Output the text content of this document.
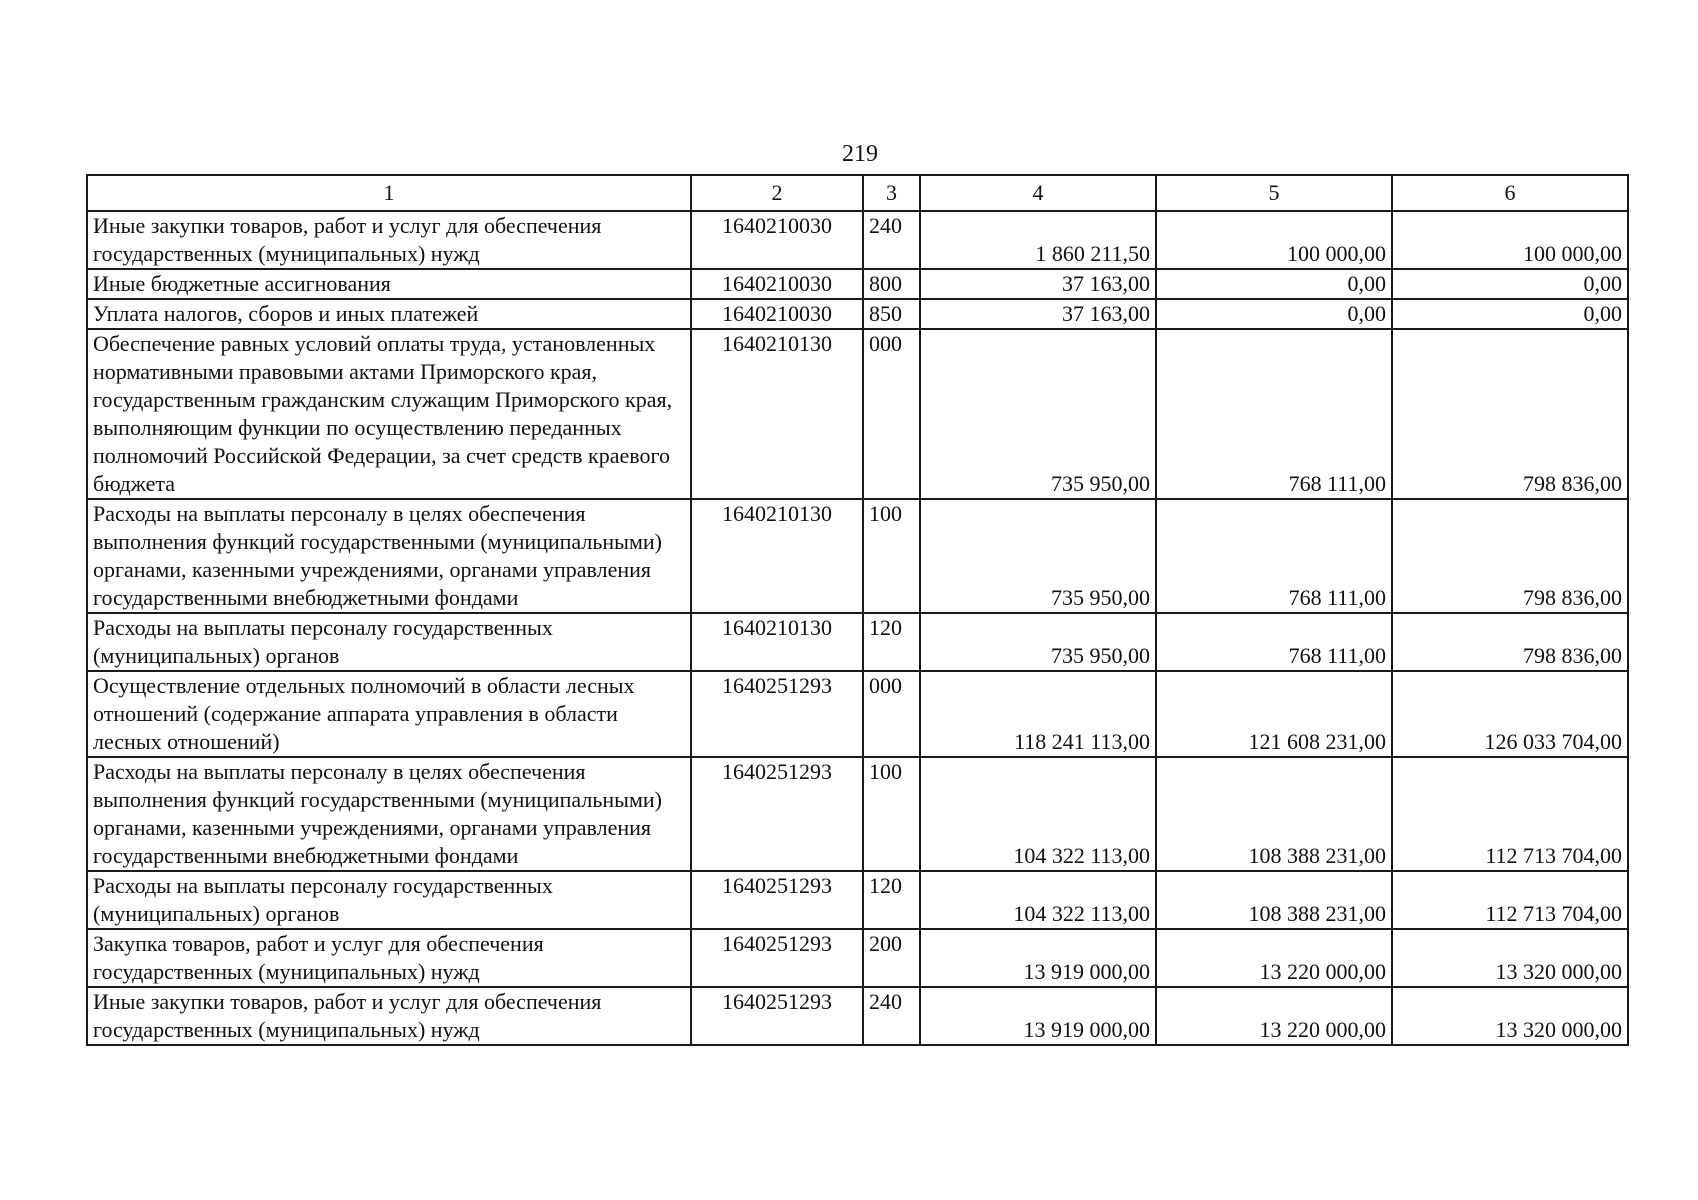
219
1	2	3	4	5	6
Иные закупки товаров, работ и услуг для обеспечения государственных (муниципальных) нужд	1640210030	240	1 860 211,50	100 000,00	100 000,00
Иные бюджетные ассигнования	1640210030	800	37 163,00	0,00	0,00
Уплата налогов, сборов и иных платежей	1640210030	850	37 163,00	0,00	0,00
Обеспечение равных условий оплаты труда, установленных нормативными правовыми актами Приморского края, государственным гражданским служащим Приморского края, выполняющим функции по осуществлению переданных полномочий Российской Федерации, за счет средств краевого бюджета	1640210130	000	735 950,00	768 111,00	798 836,00
Расходы на выплаты персоналу в целях обеспечения выполнения функций государственными (муниципальными) органами, казенными учреждениями, органами управления государственными внебюджетными фондами	1640210130	100	735 950,00	768 111,00	798 836,00
Расходы на выплаты персоналу государственных (муниципальных) органов	1640210130	120	735 950,00	768 111,00	798 836,00
Осуществление отдельных полномочий в области лесных отношений (содержание аппарата управления в области лесных отношений)	1640251293	000	118 241 113,00	121 608 231,00	126 033 704,00
Расходы на выплаты персоналу в целях обеспечения выполнения функций государственными (муниципальными) органами, казенными учреждениями, органами управления государственными внебюджетными фондами	1640251293	100	104 322 113,00	108 388 231,00	112 713 704,00
Расходы на выплаты персоналу государственных (муниципальных) органов	1640251293	120	104 322 113,00	108 388 231,00	112 713 704,00
Закупка товаров, работ и услуг для обеспечения государственных (муниципальных) нужд	1640251293	200	13 919 000,00	13 220 000,00	13 320 000,00
Иные закупки товаров, работ и услуг для обеспечения государственных (муниципальных) нужд	1640251293	240	13 919 000,00	13 220 000,00	13 320 000,00
